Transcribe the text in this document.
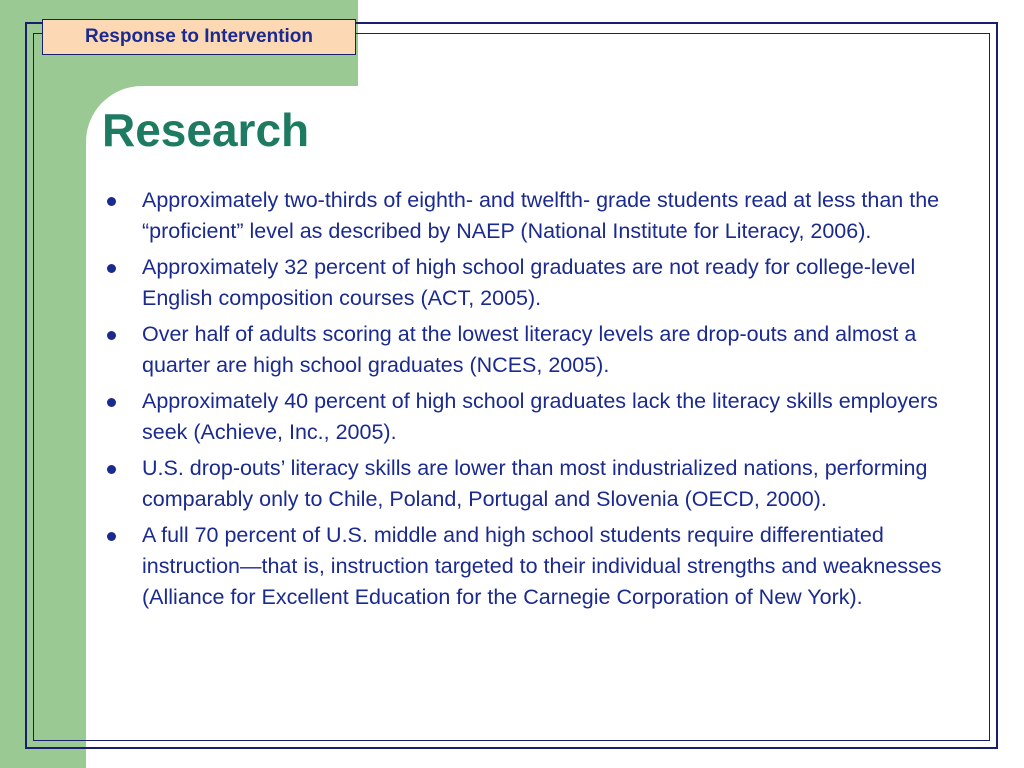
Response to Intervention
Research
Approximately two-thirds of eighth- and twelfth- grade students read at less than the “proficient” level as described by NAEP (National Institute for Literacy, 2006).
Approximately 32 percent of high school graduates are not ready for college-level English composition courses (ACT, 2005).
Over half of adults scoring at the lowest literacy levels are drop-outs and almost a quarter are high school graduates (NCES, 2005).
Approximately 40 percent of high school graduates lack the literacy skills employers seek (Achieve, Inc., 2005).
U.S. drop-outs’ literacy skills are lower than most industrialized nations, performing comparably only to Chile, Poland, Portugal and Slovenia (OECD, 2000).
A full 70 percent of U.S. middle and high school students require differentiated instruction—that is, instruction targeted to their individual strengths and weaknesses (Alliance for Excellent Education for the Carnegie Corporation of New York).
